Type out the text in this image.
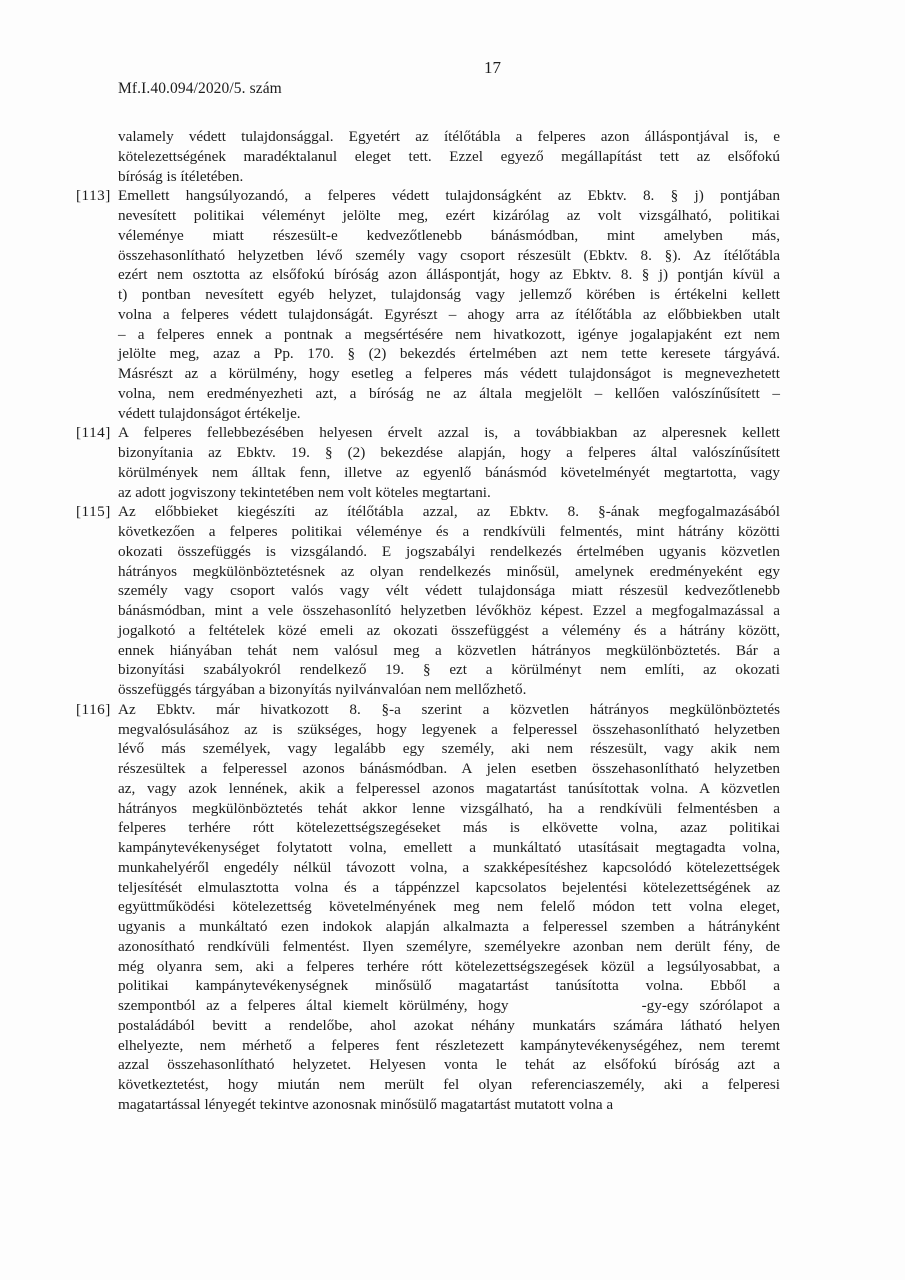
17
Mf.I.40.094/2020/5. szám
valamely védett tulajdonsággal. Egyetért az ítélőtábla a felperes azon álláspontjával is, e
kötelezettségének maradéktalanul eleget tett. Ezzel egyező megállapítást tett az elsőfokú
bíróság is ítéletében.
[113] Emellett hangsúlyozandó, a felperes védett tulajdonságként az Ebktv. 8. § j) pontjában
nevesített politikai véleményt jelölte meg, ezért kizárólag az volt vizsgálható, politikai
véleménye miatt részesült-e kedvezőtlenebb bánásmódban, mint amelyben más,
összehasonlítható helyzetben lévő személy vagy csoport részesült (Ebktv. 8. §). Az ítélőtábla
ezért nem osztotta az elsőfokú bíróság azon álláspontját, hogy az Ebktv. 8. § j) pontján kívül a
t) pontban nevesített egyéb helyzet, tulajdonság vagy jellemző körében is értékelni kellett
volna a felperes védett tulajdonságát. Egyrészt – ahogy arra az ítélőtábla az előbbiekben utalt
– a felperes ennek a pontnak a megsértésére nem hivatkozott, igénye jogalapjaként ezt nem
jelölte meg, azaz a Pp. 170. § (2) bekezdés értelmében azt nem tette keresete tárgyává.
Másrészt az a körülmény, hogy esetleg a felperes más védett tulajdonságot is megnevezhetett
volna, nem eredményezheti azt, a bíróság ne az általa megjelölt – kellően valószínűsített –
védett tulajdonságot értékelje.
[114] A felperes fellebbezésében helyesen érvelt azzal is, a továbbiakban az alperesnek kellett
bizonyítania az Ebktv. 19. § (2) bekezdése alapján, hogy a felperes által valószínűsített
körülmények nem álltak fenn, illetve az egyenlő bánásmód követelményét megtartotta, vagy
az adott jogviszony tekintetében nem volt köteles megtartani.
[115] Az előbbieket kiegészíti az ítélőtábla azzal, az Ebktv. 8. §-ának megfogalmazásából
következően a felperes politikai véleménye és a rendkívüli felmentés, mint hátrány közötti
okozati összefüggés is vizsgálandó. E jogszabályi rendelkezés értelmében ugyanis közvetlen
hátrányos megkülönböztetésnek az olyan rendelkezés minősül, amelynek eredményeként egy
személy vagy csoport valós vagy vélt védett tulajdonsága miatt részesül kedvezőtlenebb
bánásmódban, mint a vele összehasonlító helyzetben lévőkhöz képest. Ezzel a megfogalmazással a
jogalkotó a feltételek közé emeli az okozati összefüggést a vélemény és a hátrány között,
ennek hiányában tehát nem valósul meg a közvetlen hátrányos megkülönböztetés. Bár a
bizonyítási szabályokról rendelkező 19. § ezt a körülményt nem említi, az okozati
összefüggés tárgyában a bizonyítás nyilvánvalóan nem mellőzhető.
[116] Az Ebktv. már hivatkozott 8. §-a szerint a közvetlen hátrányos megkülönböztetés
megvalósulásához az is szükséges, hogy legyenek a felperessel összehasonlítható helyzetben
lévő más személyek, vagy legalább egy személy, aki nem részesült, vagy akik nem
részesültek a felperessel azonos bánásmódban. A jelen esetben összehasonlítható helyzetben
az, vagy azok lennének, akik a felperessel azonos magatartást tanúsítottak volna. A közvetlen
hátrányos megkülönböztetés tehát akkor lenne vizsgálható, ha a rendkívüli felmentésben a
felperes terhére rótt kötelezettségszegéseket más is elkövette volna, azaz politikai
kampánytevékenységet folytatott volna, emellett a munkáltató utasításait megtagadta volna,
munkahelyéről engedély nélkül távozott volna, a szakképesítéshez kapcsolódó kötelezettségek
teljesítését elmulasztotta volna és a táppénzzel kapcsolatos bejelentési kötelezettségének az
együttműködési kötelezettség követelményének meg nem felelő módon tett volna eleget,
ugyanis a munkáltató ezen indokok alapján alkalmazta a felperessel szemben a hátrányként
azonosítható rendkívüli felmentést. Ilyen személyre, személyekre azonban nem derült fény, de
még olyanra sem, aki a felperes terhére rótt kötelezettségszegések közül a legsúlyosabbat, a
politikai kampánytevékenységnek minősülő magatartást tanúsította volna. Ebből a
szempontból az a felperes által kiemelt körülmény, hogy	‑gy-egy szórólapot a
postaládából bevitt a rendelőbe, ahol azokat néhány munkatárs számára látható helyen
elhelyezte, nem mérhető a felperes fent részletezett kampánytevékenységéhez, nem teremt
azzal összehasonlítható helyzetet. Helyesen vonta le tehát az elsőfokú bíróság azt a
következtetést, hogy miután nem merült fel olyan referenciaszemély, aki a felperesi
magatartással lényegét tekintve azonosnak minősülő magatartást mutatott volna a
